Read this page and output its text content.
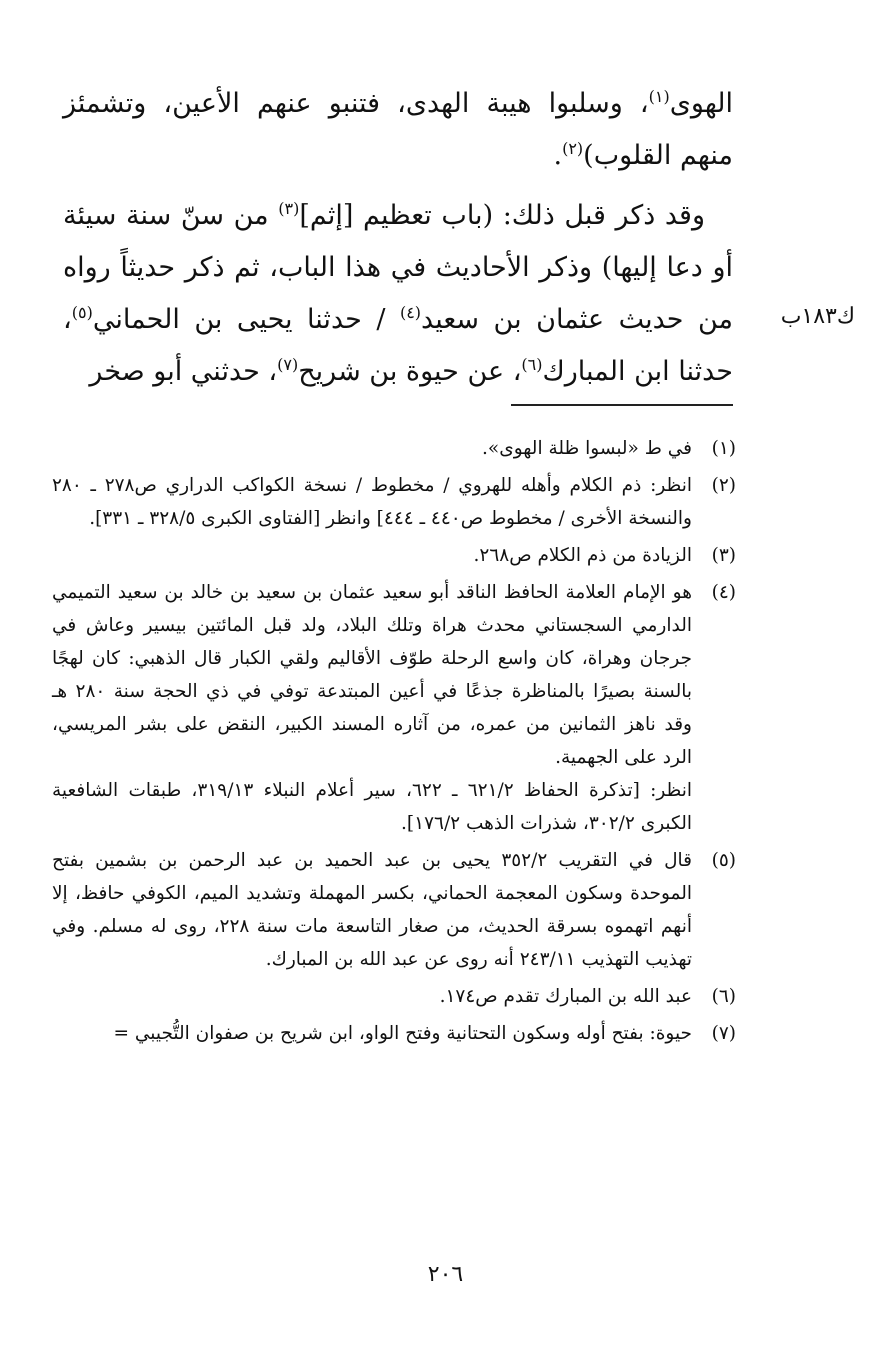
الهوى$^{(١)}$، وسلبوا هيبة الهدى، فتنبو عنهم الأعين، وتشمئز منهم القلوب)$^{(٢)}$.

وقد ذكر قبل ذلك: (باب تعظيم [إثم]$^{(٣)}$ من سنّ سنة سيئة أو دعا إليها) وذكر الأحاديث في هذا الباب، ثم ذكر حديثاً رواه من حديث عثمان بن سعيد$^{(٤)}$ / حدثنا يحيى بن الحماني$^{(٥)}$، حدثنا ابن المبارك$^{(٦)}$، عن حيوة بن شريح$^{(٧)}$، حدثني أبو صخر

ك١٨٣ب
(١)
في ط «لبسوا ظلة الهوى».
(٢)
انظر: ذم الكلام وأهله للهروي / مخطوط / نسخة الكواكب الدراري ص٢٧٨ ـ ٢٨٠ والنسخة الأخرى / مخطوط ص٤٤٠ ـ ٤٤٤] وانظر [الفتاوى الكبرى ٣٢٨/٥ ـ ٣٣١].
(٣)
الزيادة من ذم الكلام ص٢٦٨.
(٤)
هو الإمام العلامة الحافظ الناقد أبو سعيد عثمان بن سعيد بن خالد بن سعيد التميمي الدارمي السجستاني محدث هراة وتلك البلاد، ولد قبل المائتين بيسير وعاش في جرجان وهراة، كان واسع الرحلة طوّف الأقاليم ولقي الكبار قال الذهبي: كان لهجًا بالسنة بصيرًا بالمناظرة جذعًا في أعين المبتدعة توفي في ذي الحجة سنة ٢٨٠ هـ وقد ناهز الثمانين من عمره، من آثاره المسند الكبير، النقض على بشر المريسي، الرد على الجهمية.
انظر: [تذكرة الحفاظ ٦٢١/٢ ـ ٦٢٢، سير أعلام النبلاء ٣١٩/١٣، طبقات الشافعية الكبرى ٣٠٢/٢، شذرات الذهب ١٧٦/٢].
(٥)
قال في التقريب ٣٥٢/٢ يحيى بن عبد الحميد بن عبد الرحمن بن بشمين بفتح الموحدة وسكون المعجمة الحماني، بكسر المهملة وتشديد الميم، الكوفي حافظ، إلا أنهم اتهموه بسرقة الحديث، من صغار التاسعة مات سنة ٢٢٨، روى له مسلم. وفي تهذيب التهذيب ٢٤٣/١١ أنه روى عن عبد الله بن المبارك.
(٦)
عبد الله بن المبارك تقدم ص١٧٤.
(٧)
حيوة: بفتح أوله وسكون التحتانية وفتح الواو، ابن شريح بن صفوان التُّجيبي =
٢٠٦
